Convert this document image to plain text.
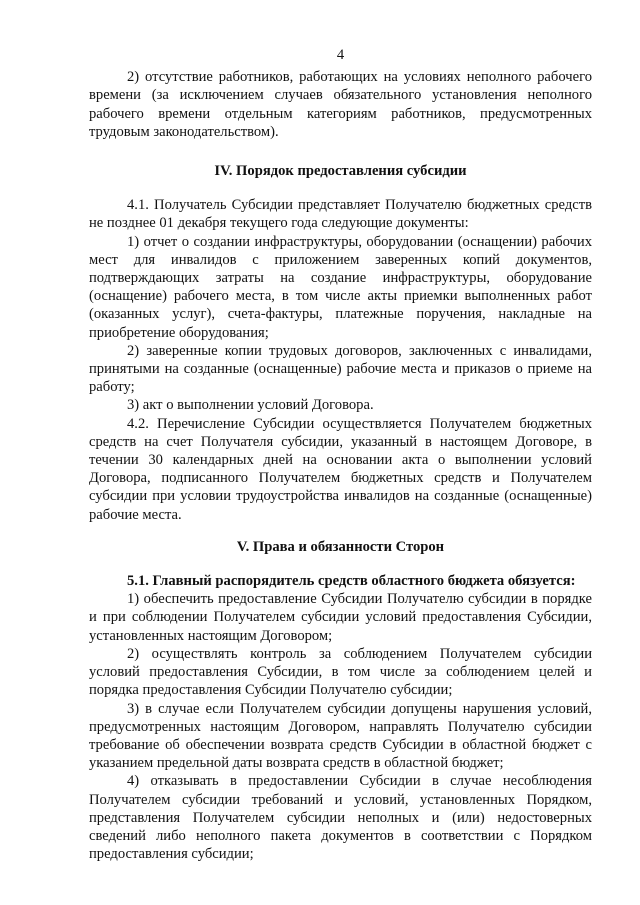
4

2) отсутствие работников, работающих на условиях неполного рабочего времени (за исключением случаев обязательного установления неполного рабочего времени отдельным категориям работников, предусмотренных трудовым законодательством).

IV. Порядок предоставления субсидии

4.1. Получатель Субсидии представляет Получателю бюджетных средств не позднее 01 декабря текущего года следующие документы:

1) отчет о создании инфраструктуры, оборудовании (оснащении) рабочих мест для инвалидов с приложением заверенных копий документов, подтверждающих затраты на создание инфраструктуры, оборудование (оснащение) рабочего места, в том числе акты приемки выполненных работ (оказанных услуг), счета-фактуры, платежные поручения, накладные на приобретение оборудования;

2) заверенные копии трудовых договоров, заключенных с инвалидами, принятыми на созданные (оснащенные) рабочие места и приказов о приеме на работу;

3) акт о выполнении условий Договора.

4.2. Перечисление Субсидии осуществляется Получателем бюджетных средств на счет Получателя субсидии, указанный в настоящем Договоре, в течении 30 календарных дней на основании акта о выполнении условий Договора, подписанного Получателем бюджетных средств и Получателем субсидии при условии трудоустройства инвалидов на созданные (оснащенные) рабочие места.

V. Права и обязанности Сторон

5.1. Главный распорядитель средств областного бюджета обязуется:

1) обеспечить предоставление Субсидии Получателю субсидии в порядке и при соблюдении Получателем субсидии условий предоставления Субсидии, установленных настоящим Договором;

2) осуществлять контроль за соблюдением Получателем субсидии условий предоставления Субсидии, в том числе за соблюдением целей и порядка предоставления Субсидии Получателю субсидии;

3) в случае если Получателем субсидии допущены нарушения условий, предусмотренных настоящим Договором, направлять Получателю субсидии требование об обеспечении возврата средств Субсидии в областной бюджет с указанием предельной даты возврата средств в областной бюджет;

4) отказывать в предоставлении Субсидии в случае несоблюдения Получателем субсидии требований и условий, установленных Порядком, представления Получателем субсидии неполных и (или) недостоверных сведений либо неполного пакета документов в соответствии с Порядком предоставления субсидии;
